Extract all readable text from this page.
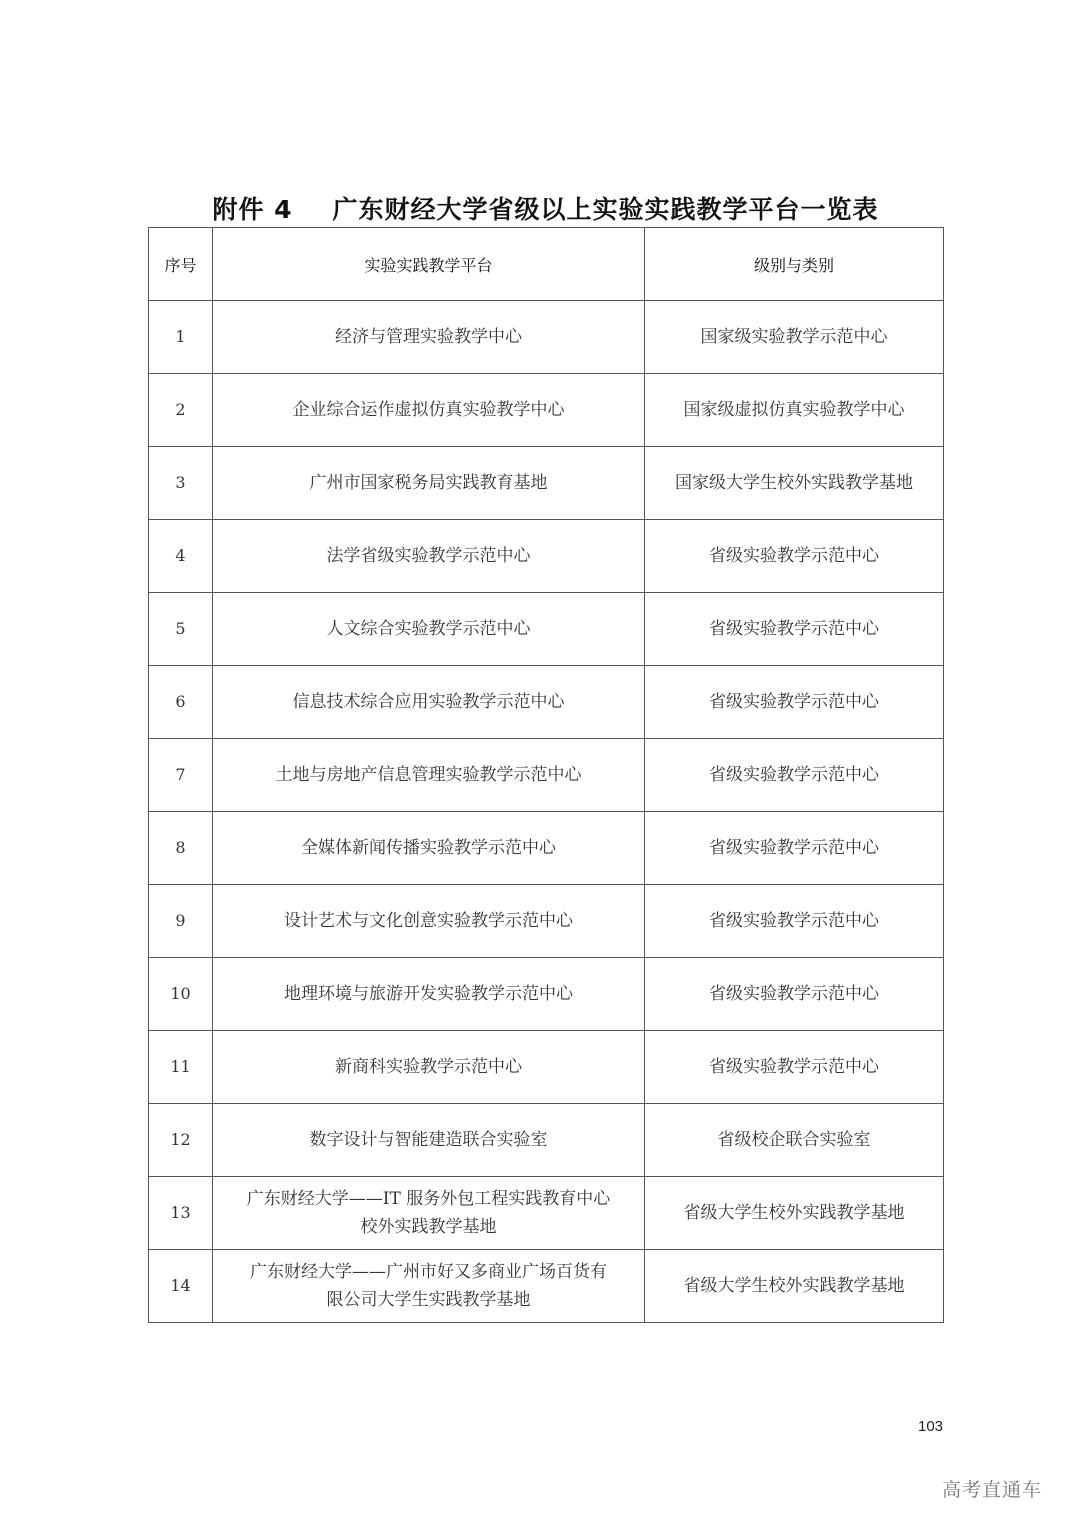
附件 4 广东财经大学省级以上实验实践教学平台一览表
序号	实验实践教学平台	级别与类别
1	经济与管理实验教学中心	国家级实验教学示范中心
2	企业综合运作虚拟仿真实验教学中心	国家级虚拟仿真实验教学中心
3	广州市国家税务局实践教育基地	国家级大学生校外实践教学基地
4	法学省级实验教学示范中心	省级实验教学示范中心
5	人文综合实验教学示范中心	省级实验教学示范中心
6	信息技术综合应用实验教学示范中心	省级实验教学示范中心
7	土地与房地产信息管理实验教学示范中心	省级实验教学示范中心
8	全媒体新闻传播实验教学示范中心	省级实验教学示范中心
9	设计艺术与文化创意实验教学示范中心	省级实验教学示范中心
10	地理环境与旅游开发实验教学示范中心	省级实验教学示范中心
11	新商科实验教学示范中心	省级实验教学示范中心
12	数字设计与智能建造联合实验室	省级校企联合实验室
13	广东财经大学——IT 服务外包工程实践教育中心
校外实践教学基地	省级大学生校外实践教学基地
14	广东财经大学——广州市好又多商业广场百货有
限公司大学生实践教学基地	省级大学生校外实践教学基地
103
高考直通车
